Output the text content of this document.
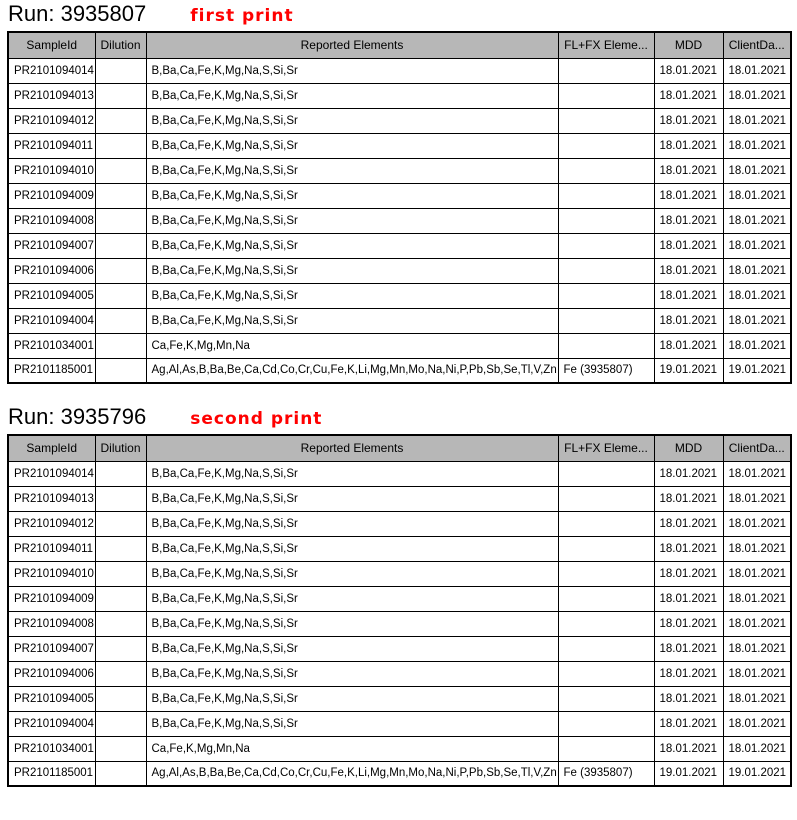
Run: 3935807	first print
SampleId	Dilution	Reported Elements	FL+FX Eleme...	MDD	ClientDa...
PR2101094014		B,Ba,Ca,Fe,K,Mg,Na,S,Si,Sr		18.01.2021	18.01.2021
PR2101094013		B,Ba,Ca,Fe,K,Mg,Na,S,Si,Sr		18.01.2021	18.01.2021
PR2101094012		B,Ba,Ca,Fe,K,Mg,Na,S,Si,Sr		18.01.2021	18.01.2021
PR2101094011		B,Ba,Ca,Fe,K,Mg,Na,S,Si,Sr		18.01.2021	18.01.2021
PR2101094010		B,Ba,Ca,Fe,K,Mg,Na,S,Si,Sr		18.01.2021	18.01.2021
PR2101094009		B,Ba,Ca,Fe,K,Mg,Na,S,Si,Sr		18.01.2021	18.01.2021
PR2101094008		B,Ba,Ca,Fe,K,Mg,Na,S,Si,Sr		18.01.2021	18.01.2021
PR2101094007		B,Ba,Ca,Fe,K,Mg,Na,S,Si,Sr		18.01.2021	18.01.2021
PR2101094006		B,Ba,Ca,Fe,K,Mg,Na,S,Si,Sr		18.01.2021	18.01.2021
PR2101094005		B,Ba,Ca,Fe,K,Mg,Na,S,Si,Sr		18.01.2021	18.01.2021
PR2101094004		B,Ba,Ca,Fe,K,Mg,Na,S,Si,Sr		18.01.2021	18.01.2021
PR2101034001		Ca,Fe,K,Mg,Mn,Na		18.01.2021	18.01.2021
PR2101185001		Ag,Al,As,B,Ba,Be,Ca,Cd,Co,Cr,Cu,Fe,K,Li,Mg,Mn,Mo,Na,Ni,P,Pb,Sb,Se,Tl,V,Zn	Fe (3935807)	19.01.2021	19.01.2021
Run: 3935796	second print
SampleId	Dilution	Reported Elements	FL+FX Eleme...	MDD	ClientDa...
PR2101094014		B,Ba,Ca,Fe,K,Mg,Na,S,Si,Sr		18.01.2021	18.01.2021
PR2101094013		B,Ba,Ca,Fe,K,Mg,Na,S,Si,Sr		18.01.2021	18.01.2021
PR2101094012		B,Ba,Ca,Fe,K,Mg,Na,S,Si,Sr		18.01.2021	18.01.2021
PR2101094011		B,Ba,Ca,Fe,K,Mg,Na,S,Si,Sr		18.01.2021	18.01.2021
PR2101094010		B,Ba,Ca,Fe,K,Mg,Na,S,Si,Sr		18.01.2021	18.01.2021
PR2101094009		B,Ba,Ca,Fe,K,Mg,Na,S,Si,Sr		18.01.2021	18.01.2021
PR2101094008		B,Ba,Ca,Fe,K,Mg,Na,S,Si,Sr		18.01.2021	18.01.2021
PR2101094007		B,Ba,Ca,Fe,K,Mg,Na,S,Si,Sr		18.01.2021	18.01.2021
PR2101094006		B,Ba,Ca,Fe,K,Mg,Na,S,Si,Sr		18.01.2021	18.01.2021
PR2101094005		B,Ba,Ca,Fe,K,Mg,Na,S,Si,Sr		18.01.2021	18.01.2021
PR2101094004		B,Ba,Ca,Fe,K,Mg,Na,S,Si,Sr		18.01.2021	18.01.2021
PR2101034001		Ca,Fe,K,Mg,Mn,Na		18.01.2021	18.01.2021
PR2101185001		Ag,Al,As,B,Ba,Be,Ca,Cd,Co,Cr,Cu,Fe,K,Li,Mg,Mn,Mo,Na,Ni,P,Pb,Sb,Se,Tl,V,Zn	Fe (3935807)	19.01.2021	19.01.2021
